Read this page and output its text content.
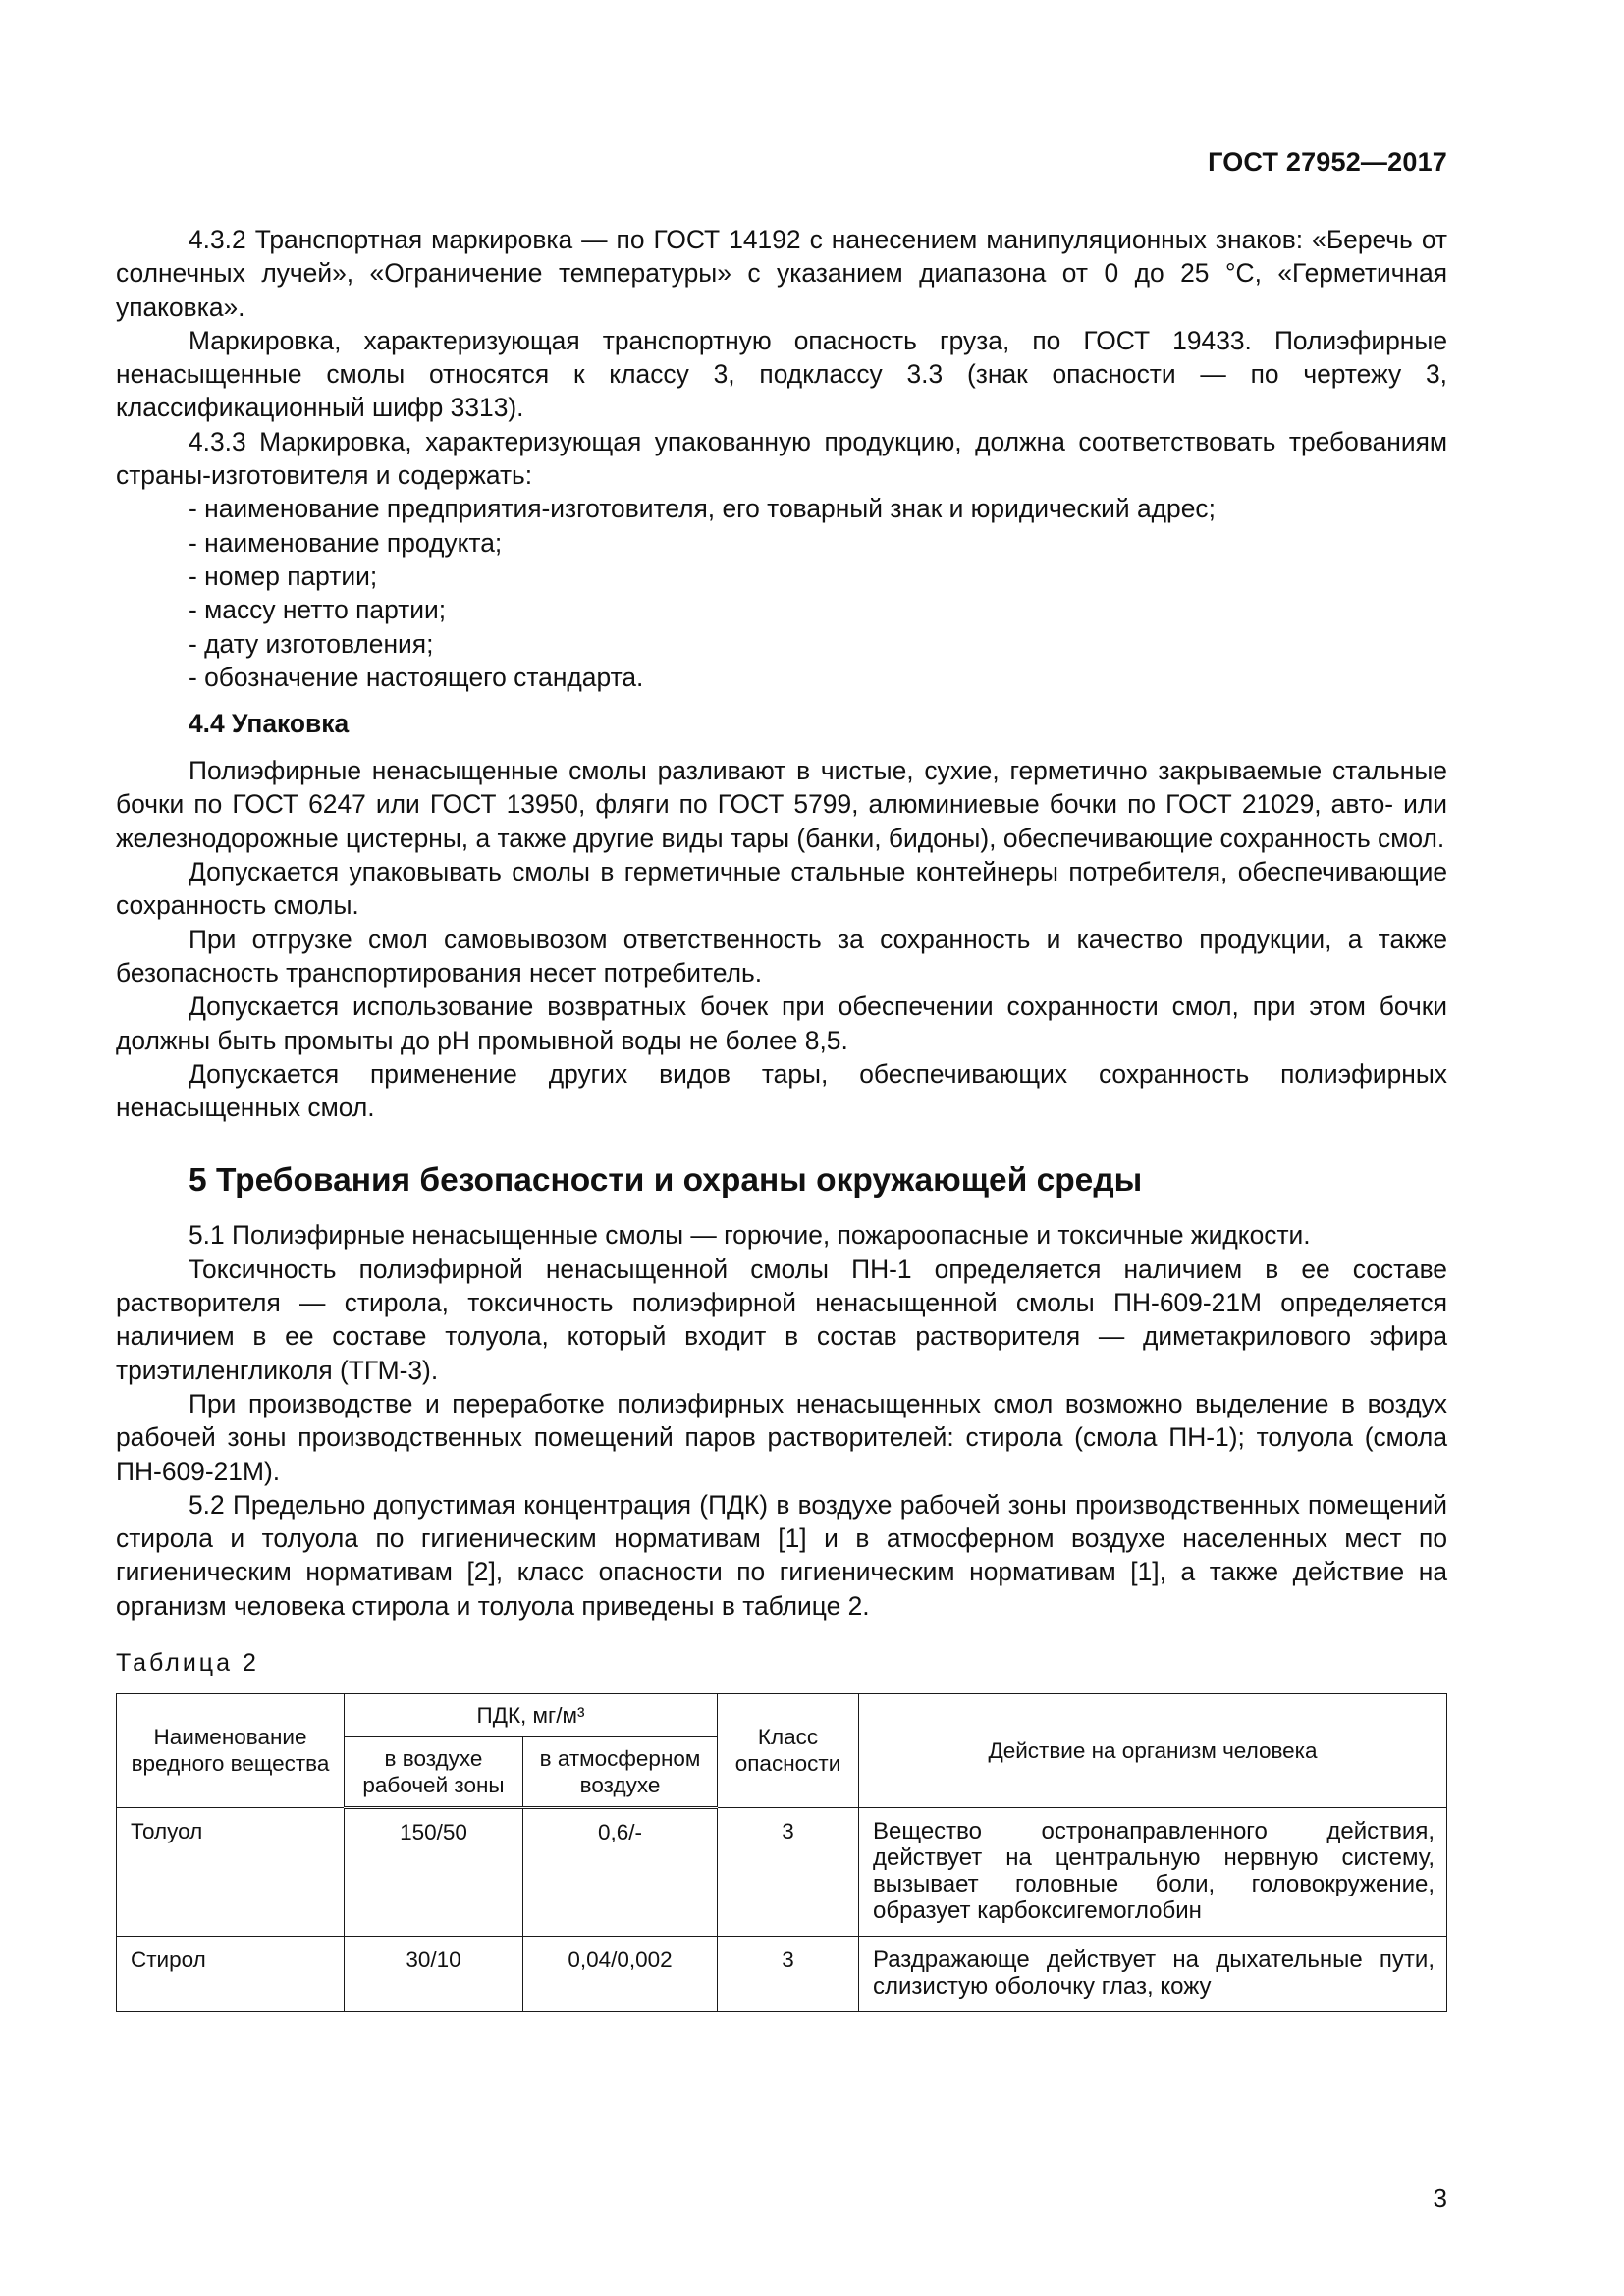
ГОСТ 27952—2017

4.3.2 Транспортная маркировка — по ГОСТ 14192 с нанесением манипуляционных знаков: «Беречь от солнечных лучей», «Ограничение температуры» с указанием диапазона от 0 до 25 °С, «Герметичная упаковка».

Маркировка, характеризующая транспортную опасность груза, по ГОСТ 19433. Полиэфирные ненасыщенные смолы относятся к классу 3, подклассу 3.3 (знак опасности — по чертежу 3, классификационный шифр 3313).

4.3.3 Маркировка, характеризующая упакованную продукцию, должна соответствовать требованиям страны-изготовителя и содержать:

- наименование предприятия-изготовителя, его товарный знак и юридический адрес;

- наименование продукта;

- номер партии;

- массу нетто партии;

- дату изготовления;

- обозначение настоящего стандарта.

4.4 Упаковка

Полиэфирные ненасыщенные смолы разливают в чистые, сухие, герметично закрываемые стальные бочки по ГОСТ 6247 или ГОСТ 13950, фляги по ГОСТ 5799, алюминиевые бочки по ГОСТ 21029, авто- или железнодорожные цистерны, а также другие виды тары (банки, бидоны), обеспечивающие сохранность смол.

Допускается упаковывать смолы в герметичные стальные контейнеры потребителя, обеспечивающие сохранность смолы.

При отгрузке смол самовывозом ответственность за сохранность и качество продукции, а также безопасность транспортирования несет потребитель.

Допускается использование возвратных бочек при обеспечении сохранности смол, при этом бочки должны быть промыты до рН промывной воды не более 8,5.

Допускается применение других видов тары, обеспечивающих сохранность полиэфирных ненасыщенных смол.

5 Требования безопасности и охраны окружающей среды

5.1 Полиэфирные ненасыщенные смолы — горючие, пожароопасные и токсичные жидкости.

Токсичность полиэфирной ненасыщенной смолы ПН-1 определяется наличием в ее составе растворителя — стирола, токсичность полиэфирной ненасыщенной смолы ПН-609-21М определяется наличием в ее составе толуола, который входит в состав растворителя — диметакрилового эфира триэтиленгликоля (ТГМ-3).

При производстве и переработке полиэфирных ненасыщенных смол возможно выделение в воздух рабочей зоны производственных помещений паров растворителей: стирола (смола ПН-1); толуола (смола ПН-609-21М).

5.2 Предельно допустимая концентрация (ПДК) в воздухе рабочей зоны производственных помещений стирола и толуола по гигиеническим нормативам [1] и в атмосферном воздухе населенных мест по гигиеническим нормативам [2], класс опасности по гигиеническим нормативам [1], а также действие на организм человека стирола и толуола приведены в таблице 2.

Таблица 2
Наименование вредного вещества	ПДК, мг/м³		Класс опасности	Действие на организм человека
	в воздухе рабочей зоны	в атмосферном воздухе		
Толуол	150/50	0,6/-	3	Вещество остронаправленного действия, действует на центральную нервную систему, вызывает головные боли, головокружение, образует карбоксигемоглобин
Стирол	30/10	0,04/0,002	3	Раздражающе действует на дыхательные пути, слизистую оболочку глаз, кожу
3
